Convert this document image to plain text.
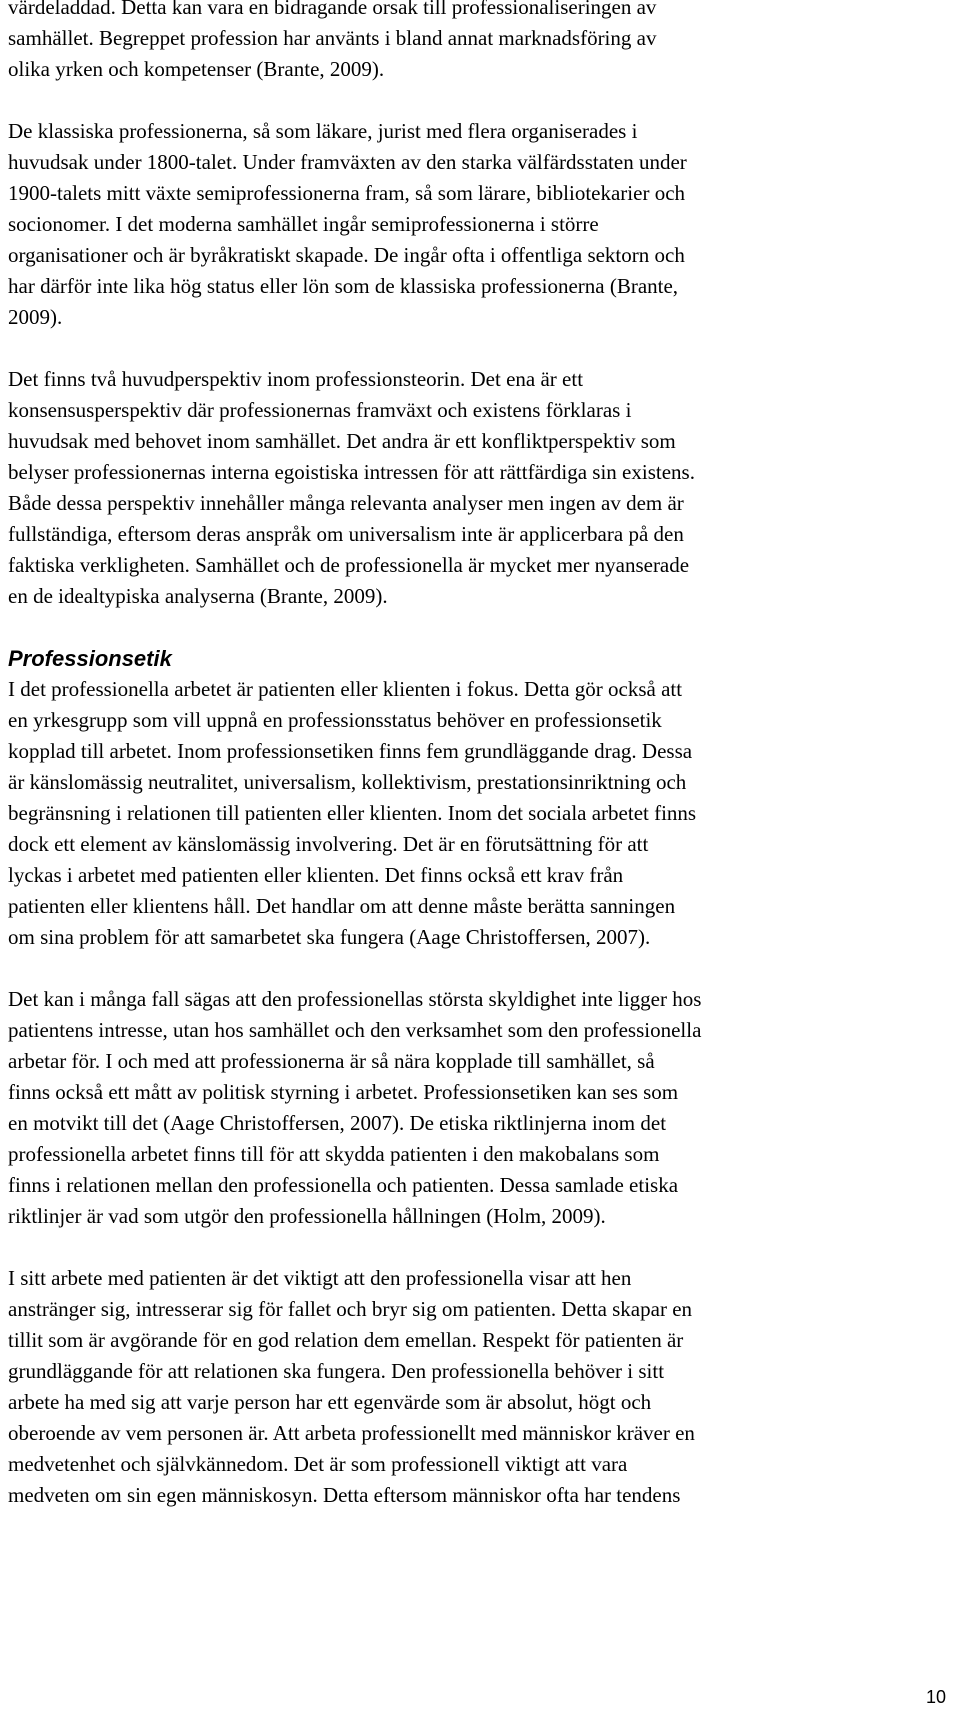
värdeladdad. Detta kan vara en bidragande orsak till professionaliseringen av
samhället. Begreppet profession har använts i bland annat marknadsföring av
olika yrken och kompetenser (Brante, 2009).

De klassiska professionerna, så som läkare, jurist med flera organiserades i
huvudsak under 1800-talet. Under framväxten av den starka välfärdsstaten under
1900-talets mitt växte semiprofessionerna fram, så som lärare, bibliotekarier och
socionomer. I det moderna samhället ingår semiprofessionerna i större
organisationer och är byråkratiskt skapade. De ingår ofta i offentliga sektorn och
har därför inte lika hög status eller lön som de klassiska professionerna (Brante,
2009).

Det finns två huvudperspektiv inom professionsteorin. Det ena är ett
konsensusperspektiv där professionernas framväxt och existens förklaras i
huvudsak med behovet inom samhället. Det andra är ett konfliktperspektiv som
belyser professionernas interna egoistiska intressen för att rättfärdiga sin existens.
Både dessa perspektiv innehåller många relevanta analyser men ingen av dem är
fullständiga, eftersom deras anspråk om universalism inte är applicerbara på den
faktiska verkligheten. Samhället och de professionella är mycket mer nyanserade
en de idealtypiska analyserna (Brante, 2009).

Professionsetik

I det professionella arbetet är patienten eller klienten i fokus. Detta gör också att
en yrkesgrupp som vill uppnå en professionsstatus behöver en professionsetik
kopplad till arbetet. Inom professionsetiken finns fem grundläggande drag. Dessa
är känslomässig neutralitet, universalism, kollektivism, prestationsinriktning och
begränsning i relationen till patienten eller klienten. Inom det sociala arbetet finns
dock ett element av känslomässig involvering. Det är en förutsättning för att
lyckas i arbetet med patienten eller klienten. Det finns också ett krav från
patienten eller klientens håll. Det handlar om att denne måste berätta sanningen
om sina problem för att samarbetet ska fungera (Aage Christoffersen, 2007).

Det kan i många fall sägas att den professionellas största skyldighet inte ligger hos
patientens intresse, utan hos samhället och den verksamhet som den professionella
arbetar för. I och med att professionerna är så nära kopplade till samhället, så
finns också ett mått av politisk styrning i arbetet. Professionsetiken kan ses som
en motvikt till det (Aage Christoffersen, 2007). De etiska riktlinjerna inom det
professionella arbetet finns till för att skydda patienten i den makobalans som
finns i relationen mellan den professionella och patienten. Dessa samlade etiska
riktlinjer är vad som utgör den professionella hållningen (Holm, 2009).

I sitt arbete med patienten är det viktigt att den professionella visar att hen
anstränger sig, intresserar sig för fallet och bryr sig om patienten. Detta skapar en
tillit som är avgörande för en god relation dem emellan. Respekt för patienten är
grundläggande för att relationen ska fungera. Den professionella behöver i sitt
arbete ha med sig att varje person har ett egenvärde som är absolut, högt och
oberoende av vem personen är. Att arbeta professionellt med människor kräver en
medvetenhet och självkännedom. Det är som professionell viktigt att vara
medveten om sin egen människosyn. Detta eftersom människor ofta har tendens

10
